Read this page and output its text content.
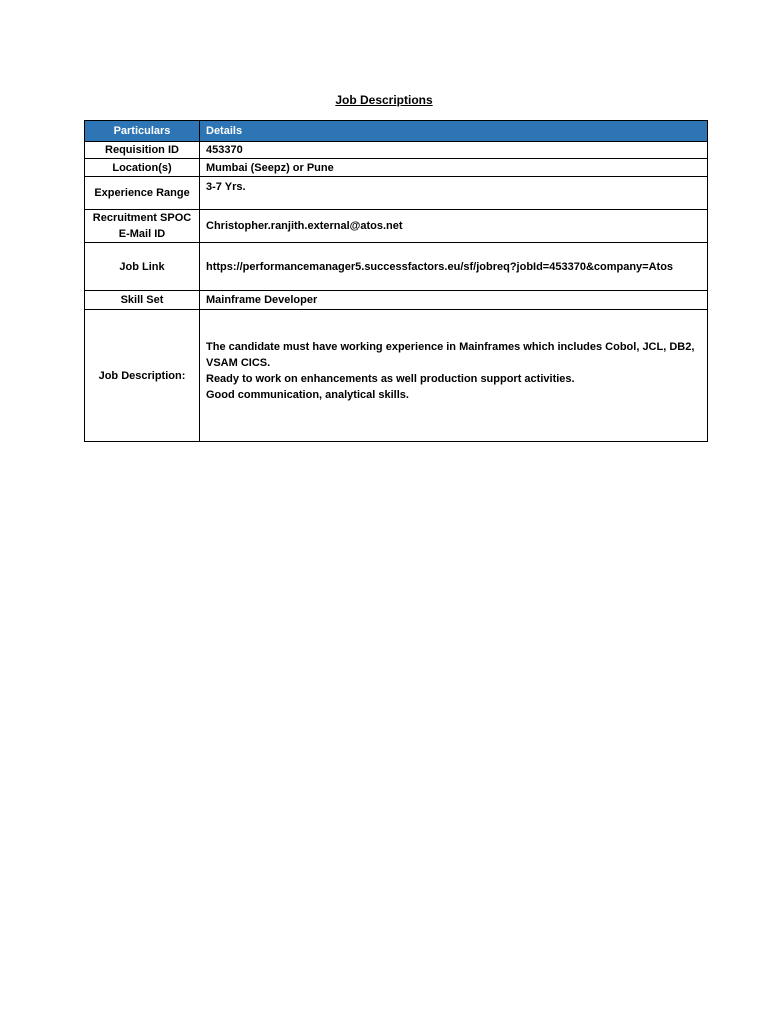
Job Descriptions
Particulars	Details
Requisition ID	453370
Location(s)	Mumbai (Seepz) or Pune
Experience Range	3-7 Yrs.

Recruitment SPOC
E-Mail ID	Christopher.ranjith.external@atos.net
Job Link	https://performancemanager5.successfactors.eu/sf/jobreq?jobId=453370&company=Atos
Skill Set	Mainframe Developer
Job Description:	The candidate must have working experience in Mainframes which includes Cobol, JCL, DB2,
VSAM CICS.
Ready to work on enhancements as well production support activities.
Good communication, analytical skills.
